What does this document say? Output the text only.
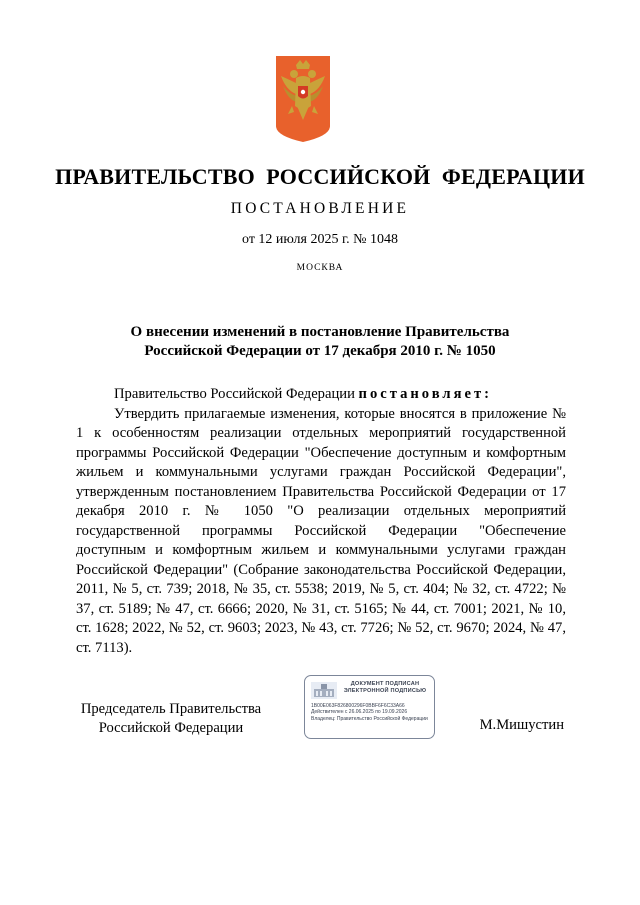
ПРАВИТЕЛЬСТВО  РОССИЙСКОЙ  ФЕДЕРАЦИИ
ПОСТАНОВЛЕНИЕ
от 12 июля 2025 г. № 1048
МОСКВА
О внесении изменений в постановление Правительства
Российской Федерации от 17 декабря 2010 г. № 1050

Правительство Российской Федерации постановляет:

Утвердить прилагаемые изменения, которые вносятся в приложение № 1 к особенностям реализации отдельных мероприятий государственной программы Российской Федерации "Обеспечение доступным и комфортным жильем и коммунальными услугами граждан Российской Федерации", утвержденным постановлением Правительства Российской Федерации от 17 декабря 2010 г. № 1050 "О реализации отдельных мероприятий государственной программы Российской Федерации "Обеспечение доступным и комфортным жильем и коммунальными услугами граждан Российской Федерации" (Собрание законодательства Российской Федерации, 2011, № 5, ст. 739; 2018, № 35, ст. 5538; 2019, № 5, ст. 404; № 32, ст. 4722; № 37, ст. 5189; № 47, ст. 6666; 2020, № 31, ст. 5165; № 44, ст. 7001; 2021, № 10, ст. 1628; 2022, № 52, ст. 9603; 2023, № 43, ст. 7726; № 52, ст. 9670; 2024, № 47, ст. 7113).

Председатель Правительства
Российской Федерации
ДОКУМЕНТ ПОДПИСАН
ЭЛЕКТРОННОЙ ПОДПИСЬЮ
1B00E063F826800296F0BBF6F6C33A66
Действителен с 26.06.2025 по 19.09.2026
Владелец: Правительство Российской Федерации	М.Мишустин
